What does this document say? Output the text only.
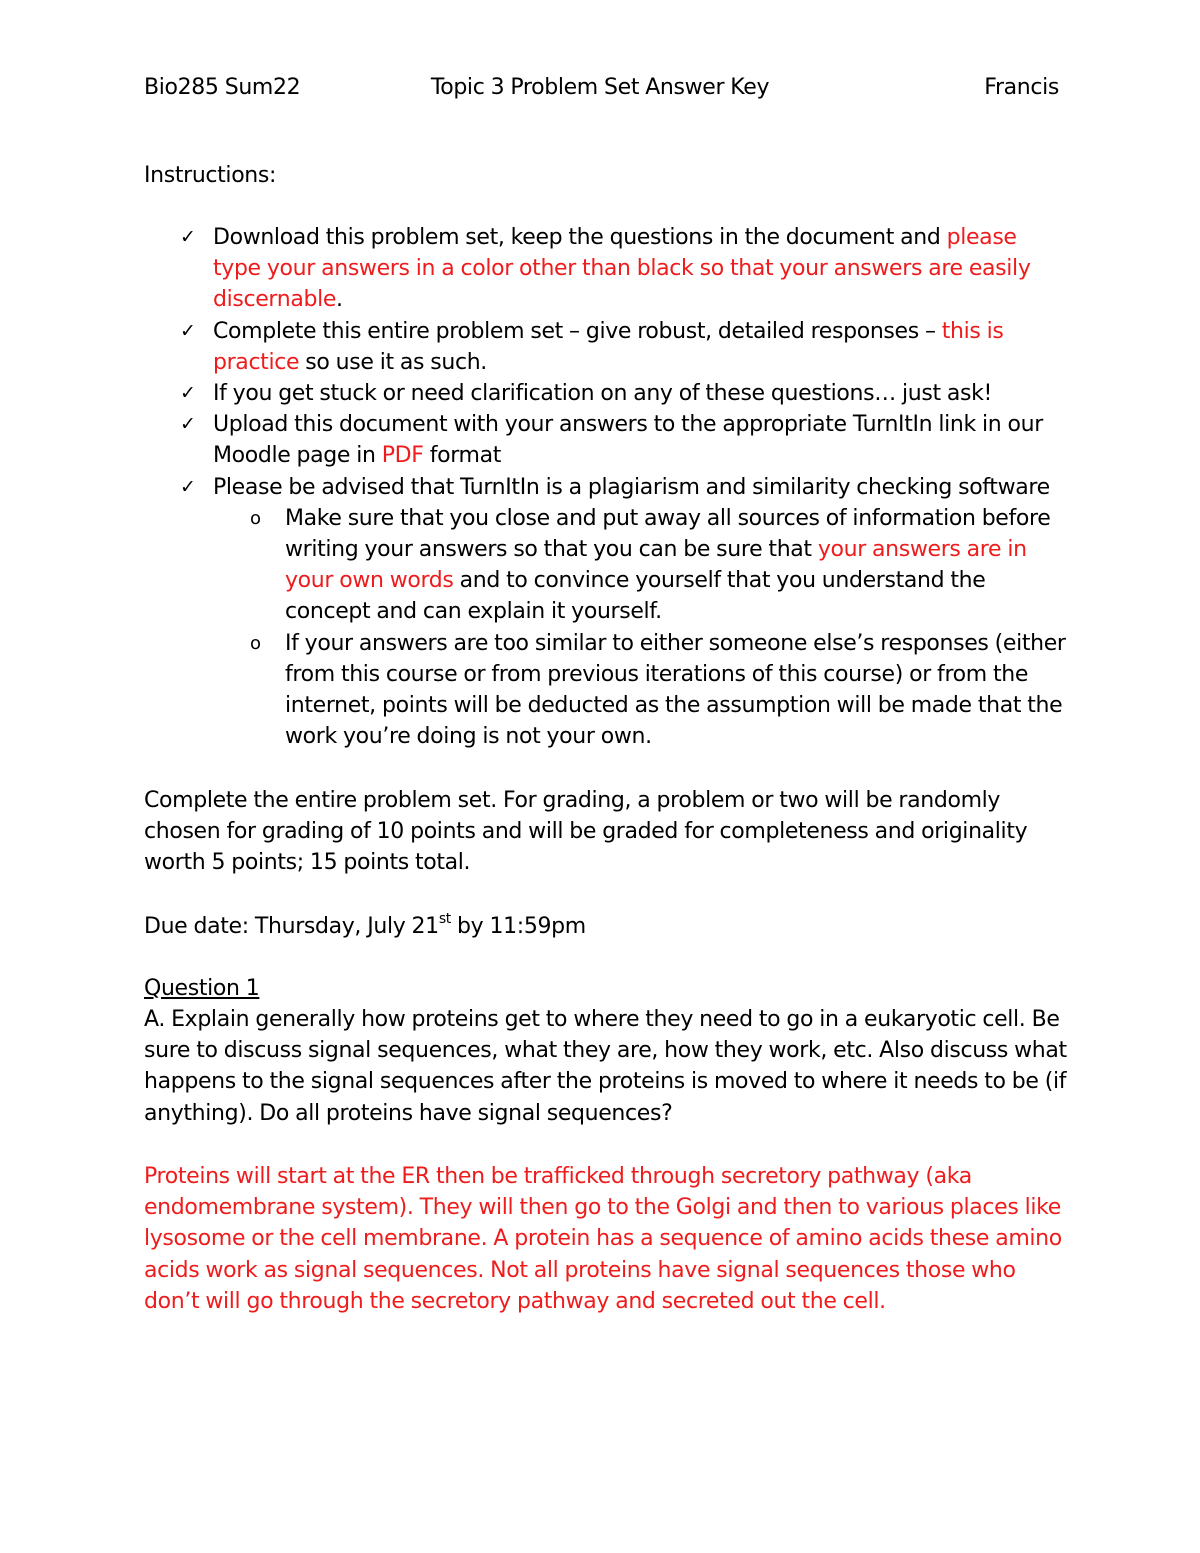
Bio285 Sum22	Topic 3 Problem Set Answer Key	Francis
Instructions:
✓ Download this problem set, keep the questions in the document and please type your answers in a color other than black so that your answers are easily discernable.
✓ Complete this entire problem set – give robust, detailed responses – this is practice so use it as such.
✓ If you get stuck or need clarification on any of these questions… just ask!
✓ Upload this document with your answers to the appropriate TurnItIn link in our Moodle page in PDF format
✓ Please be advised that TurnItIn is a plagiarism and similarity checking software
o Make sure that you close and put away all sources of information before writing your answers so that you can be sure that your answers are in your own words and to convince yourself that you understand the concept and can explain it yourself.
o If your answers are too similar to either someone else’s responses (either from this course or from previous iterations of this course) or from the internet, points will be deducted as the assumption will be made that the work you’re doing is not your own.
Complete the entire problem set. For grading, a problem or two will be randomly chosen for grading of 10 points and will be graded for completeness and originality worth 5 points; 15 points total.
Due date: Thursday, July 21st by 11:59pm
Question 1
A. Explain generally how proteins get to where they need to go in a eukaryotic cell. Be sure to discuss signal sequences, what they are, how they work, etc. Also discuss what happens to the signal sequences after the proteins is moved to where it needs to be (if anything). Do all proteins have signal sequences?
Proteins will start at the ER then be trafficked through secretory pathway (aka endomembrane system). They will then go to the Golgi and then to various places like lysosome or the cell membrane. A protein has a sequence of amino acids these amino acids work as signal sequences. Not all proteins have signal sequences those who don’t will go through the secretory pathway and secreted out the cell.
